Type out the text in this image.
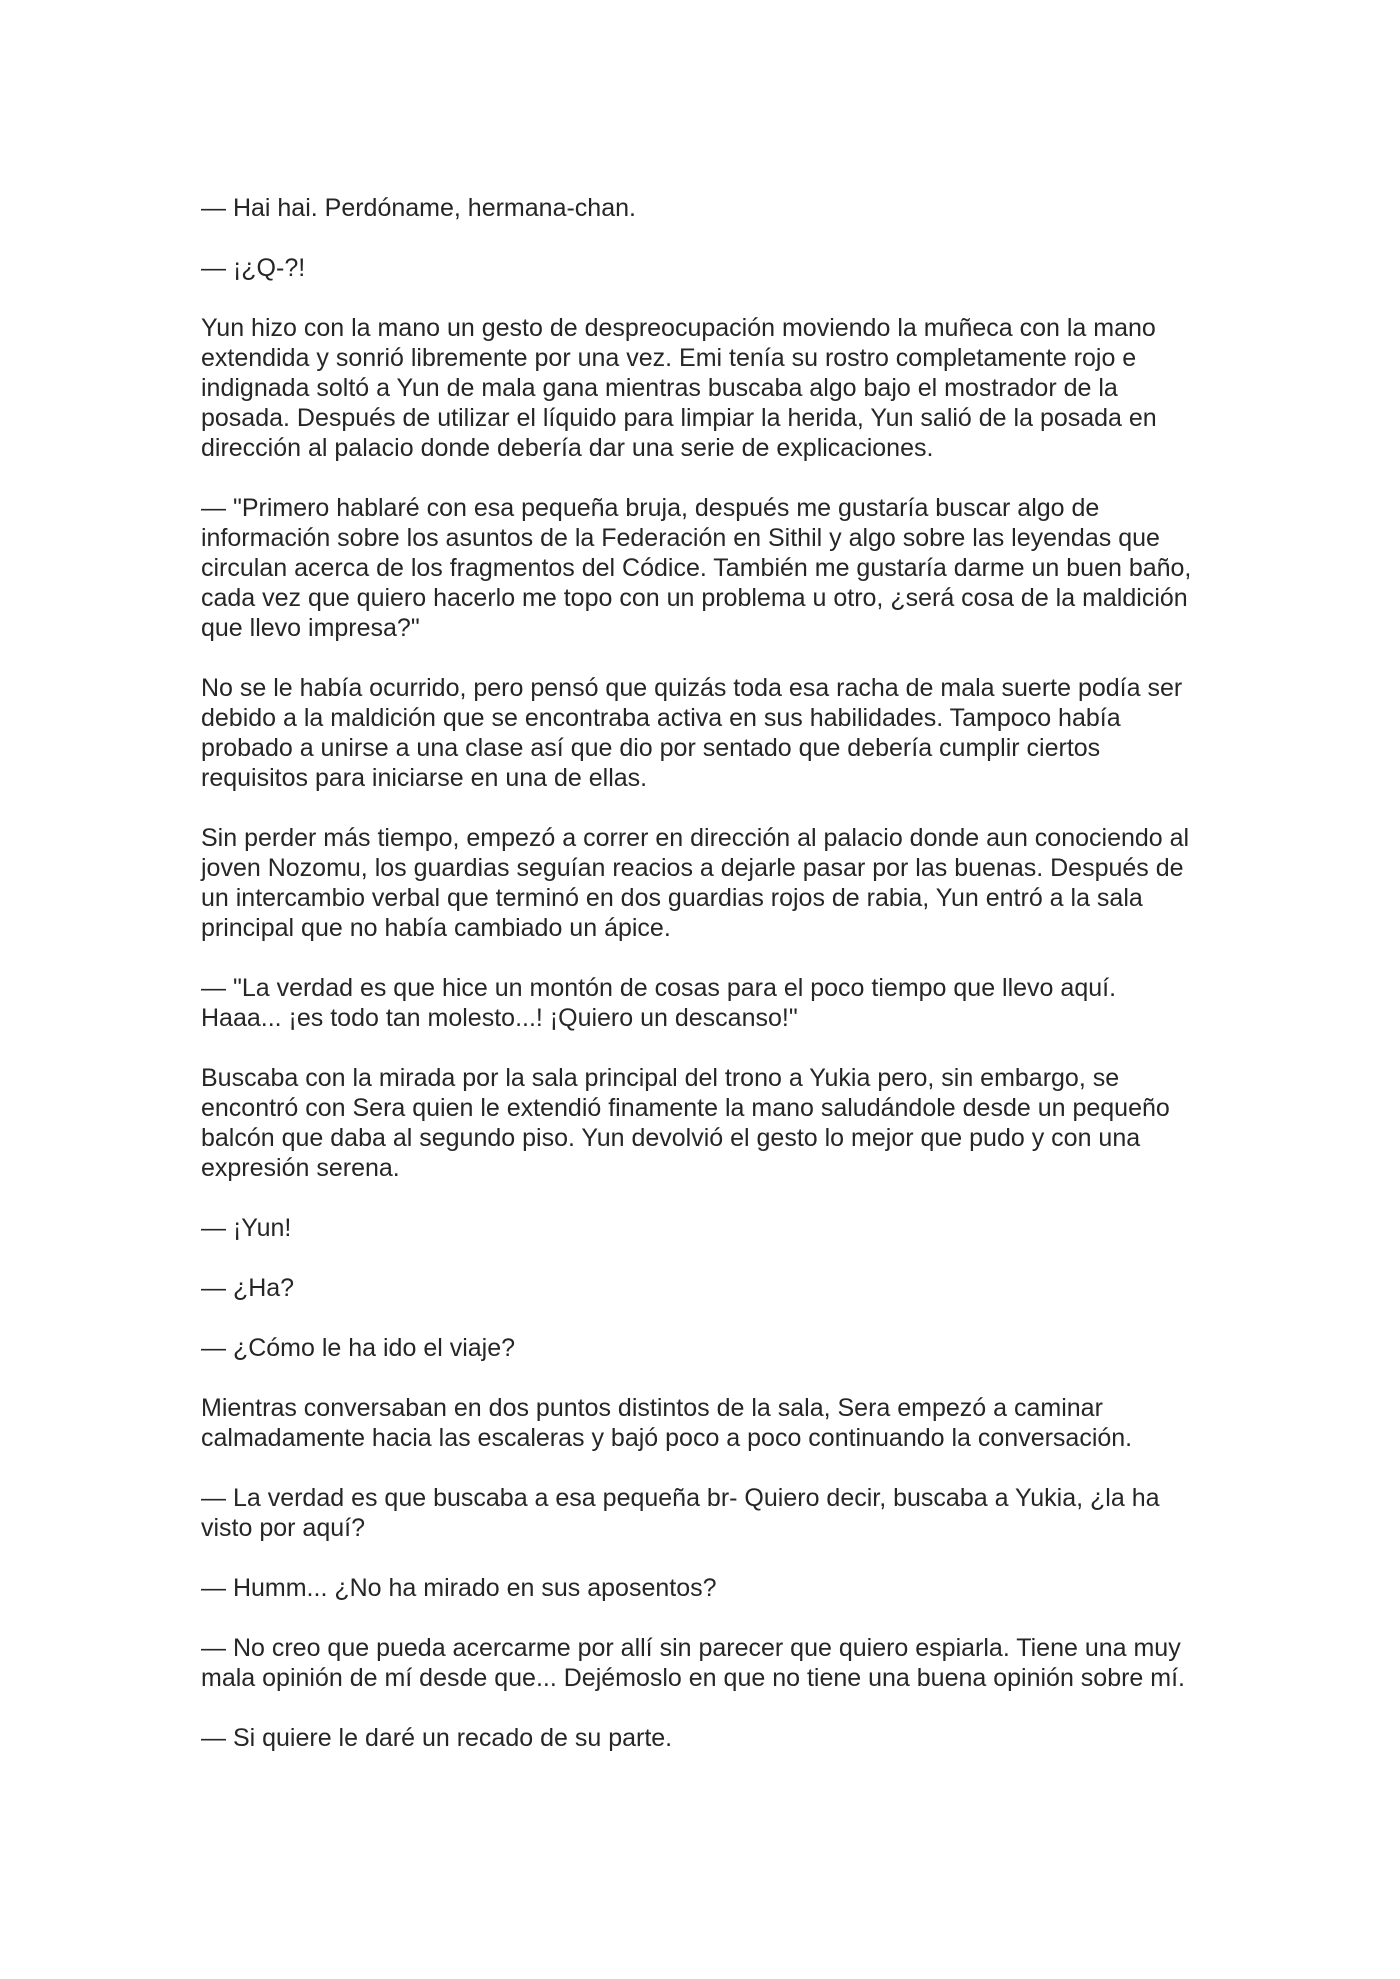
— Hai hai. Perdóname, hermana-chan.

— ¡¿Q-?!

Yun hizo con la mano un gesto de despreocupación moviendo la muñeca con la mano extendida y sonrió libremente por una vez. Emi tenía su rostro completamente rojo e indignada soltó a Yun de mala gana mientras buscaba algo bajo el mostrador de la posada. Después de utilizar el líquido para limpiar la herida, Yun salió de la posada en dirección al palacio donde debería dar una serie de explicaciones.

— "Primero hablaré con esa pequeña bruja, después me gustaría buscar algo de información sobre los asuntos de la Federación en Sithil y algo sobre las leyendas que circulan acerca de los fragmentos del Códice. También me gustaría darme un buen baño, cada vez que quiero hacerlo me topo con un problema u otro, ¿será cosa de la maldición que llevo impresa?"

No se le había ocurrido, pero pensó que quizás toda esa racha de mala suerte podía ser debido a la maldición que se encontraba activa en sus habilidades. Tampoco había probado a unirse a una clase así que dio por sentado que debería cumplir ciertos requisitos para iniciarse en una de ellas.

Sin perder más tiempo, empezó a correr en dirección al palacio donde aun conociendo al joven Nozomu, los guardias seguían reacios a dejarle pasar por las buenas. Después de un intercambio verbal que terminó en dos guardias rojos de rabia, Yun entró a la sala principal que no había cambiado un ápice.

— "La verdad es que hice un montón de cosas para el poco tiempo que llevo aquí. Haaa... ¡es todo tan molesto...! ¡Quiero un descanso!"

Buscaba con la mirada por la sala principal del trono a Yukia pero, sin embargo, se encontró con Sera quien le extendió finamente la mano saludándole desde un pequeño balcón que daba al segundo piso. Yun devolvió el gesto lo mejor que pudo y con una expresión serena.

— ¡Yun!

— ¿Ha?

— ¿Cómo le ha ido el viaje?

Mientras conversaban en dos puntos distintos de la sala, Sera empezó a caminar calmadamente hacia las escaleras y bajó poco a poco continuando la conversación.

— La verdad es que buscaba a esa pequeña br- Quiero decir, buscaba a Yukia, ¿la ha visto por aquí?

— Humm... ¿No ha mirado en sus aposentos?

— No creo que pueda acercarme por allí sin parecer que quiero espiarla. Tiene una muy mala opinión de mí desde que... Dejémoslo en que no tiene una buena opinión sobre mí.

— Si quiere le daré un recado de su parte.
